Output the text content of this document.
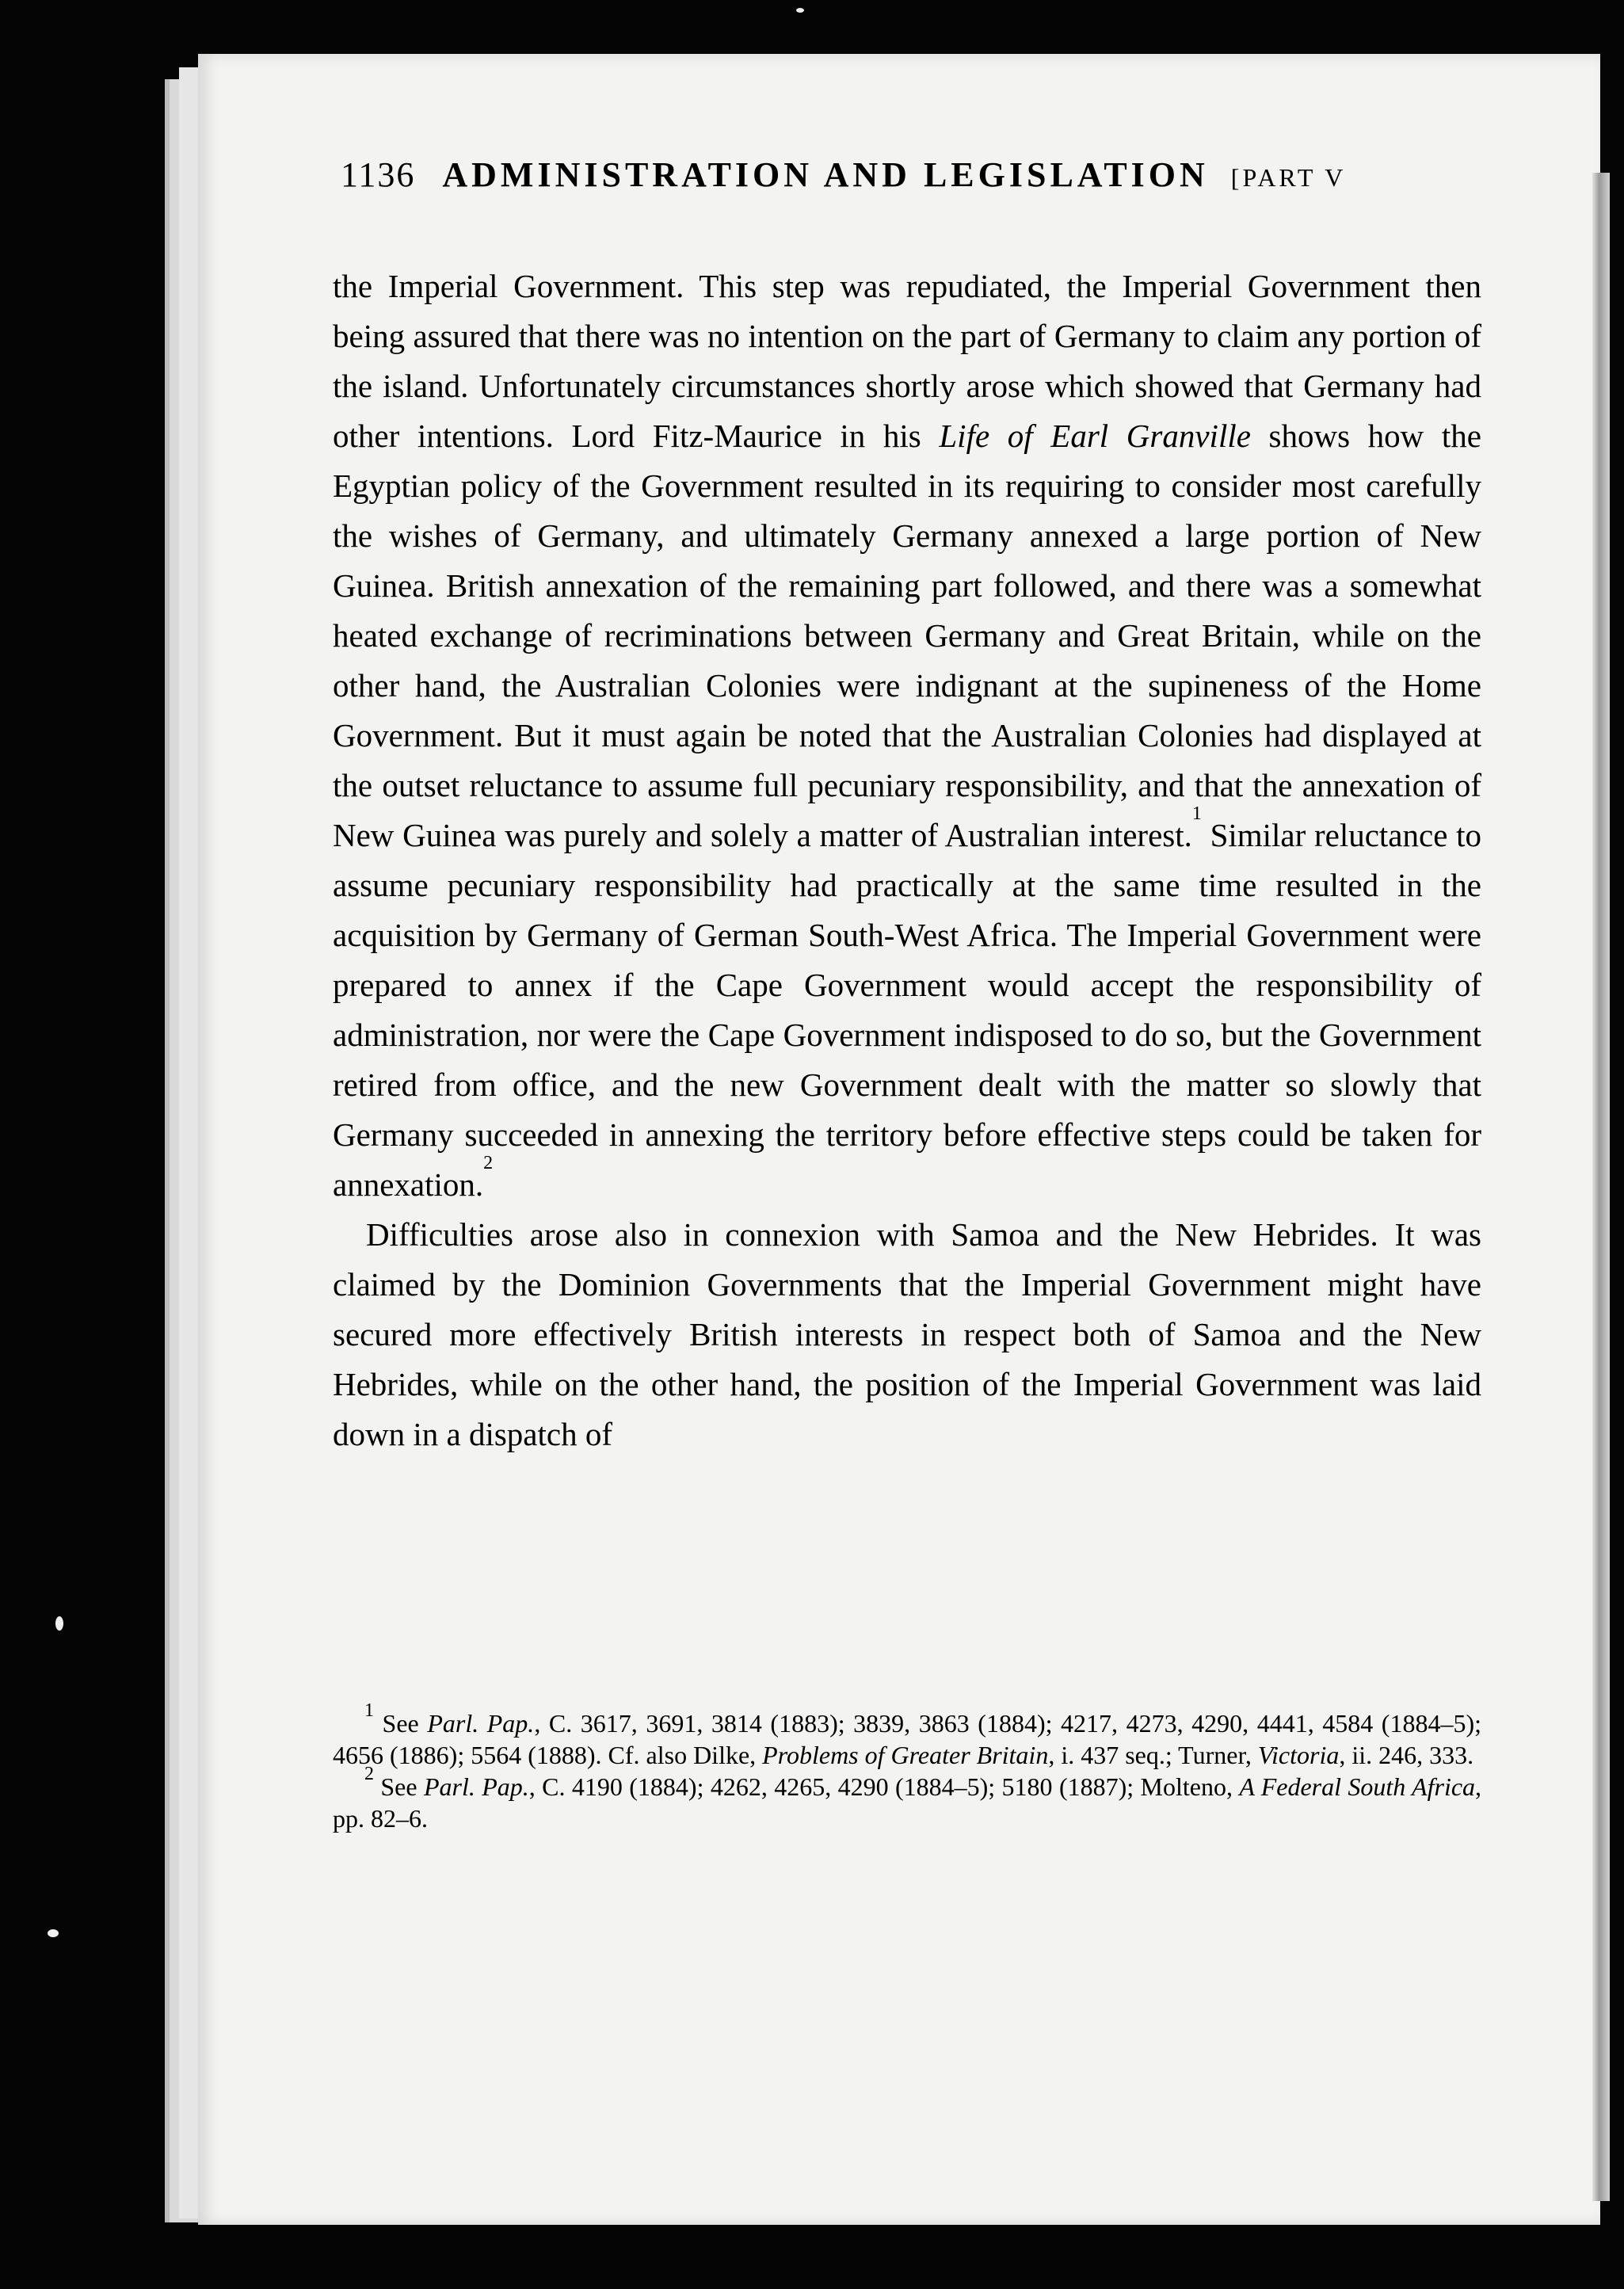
1136 ADMINISTRATION AND LEGISLATION [PART V

the Imperial Government. This step was repudiated, the Imperial Government then being assured that there was no intention on the part of Germany to claim any portion of the island. Unfortunately circumstances shortly arose which showed that Germany had other intentions. Lord Fitz-Maurice in his Life of Earl Granville shows how the Egyptian policy of the Government resulted in its requiring to consider most carefully the wishes of Germany, and ultimately Germany annexed a large portion of New Guinea. British annexation of the remaining part followed, and there was a somewhat heated exchange of recriminations between Germany and Great Britain, while on the other hand, the Australian Colonies were indignant at the supineness of the Home Government. But it must again be noted that the Australian Colonies had displayed at the outset reluctance to assume full pecuniary responsibility, and that the annexation of New Guinea was purely and solely a matter of Australian interest.$^1$ Similar reluctance to assume pecuniary responsibility had practically at the same time resulted in the acquisition by Germany of German South-West Africa. The Imperial Government were prepared to annex if the Cape Government would accept the responsibility of administration, nor were the Cape Government indisposed to do so, but the Government retired from office, and the new Government dealt with the matter so slowly that Germany succeeded in annexing the territory before effective steps could be taken for annexation.$^2$

Difficulties arose also in connexion with Samoa and the New Hebrides. It was claimed by the Dominion Governments that the Imperial Government might have secured more effectively British interests in respect both of Samoa and the New Hebrides, while on the other hand, the position of the Imperial Government was laid down in a dispatch of

$^1$ See Parl. Pap., C. 3617, 3691, 3814 (1883); 3839, 3863 (1884); 4217, 4273, 4290, 4441, 4584 (1884–5); 4656 (1886); 5564 (1888). Cf. also Dilke, Problems of Greater Britain, i. 437 seq.; Turner, Victoria, ii. 246, 333.

$^2$ See Parl. Pap., C. 4190 (1884); 4262, 4265, 4290 (1884–5); 5180 (1887); Molteno, A Federal South Africa, pp. 82–6.
